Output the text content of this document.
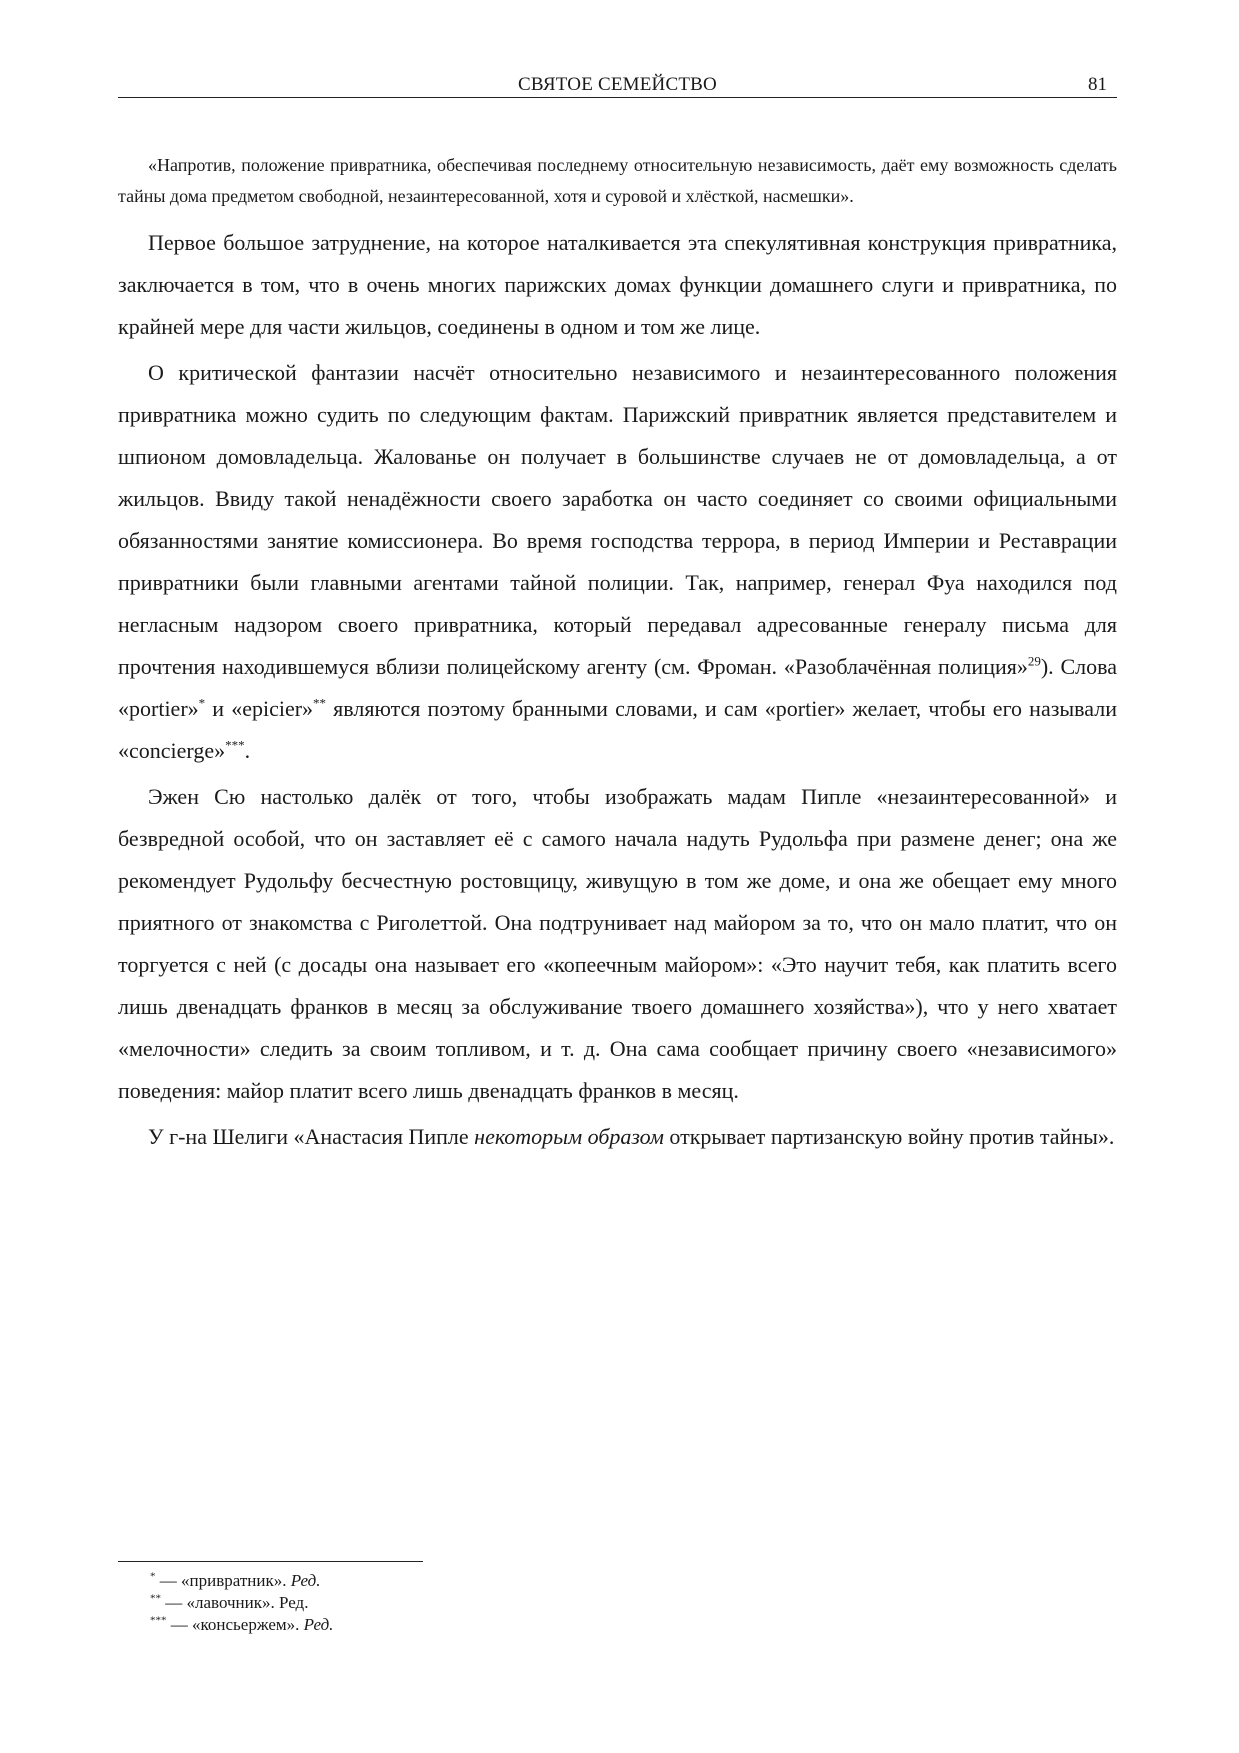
СВЯТОЕ СЕМЕЙСТВО	81

«Напротив, положение привратника, обеспечивая последнему относительную независимость, даёт ему возможность сделать тайны дома предметом свободной, незаинтересованной, хотя и суровой и хлёсткой, насмешки».

Первое большое затруднение, на которое наталкивается эта спекулятивная конструкция привратника, заключается в том, что в очень многих парижских домах функции домашнего слуги и привратника, по крайней мере для части жильцов, соединены в одном и том же лице.

О критической фантазии насчёт относительно независимого и незаинтересованного положения привратника можно судить по следующим фактам. Парижский привратник является представителем и шпионом домовладельца. Жалованье он получает в большинстве случаев не от домовладельца, а от жильцов. Ввиду такой ненадёжности своего заработка он часто соединяет со своими официальными обязанностями занятие комиссионера. Во время господства террора, в период Империи и Реставрации привратники были главными агентами тайной полиции. Так, например, генерал Фуа находился под негласным надзором своего привратника, который передавал адресованные генералу письма для прочтения находившемуся вблизи полицейскому агенту (см. Фроман. «Разоблачённая полиция»$^{29}$). Слова «portier»* и «epicier»** являются поэтому бранными словами, и сам «portier» желает, чтобы его называли «concierge»***.

Эжен Сю настолько далёк от того, чтобы изображать мадам Пипле «незаинтересованной» и безвредной особой, что он заставляет её с самого начала надуть Рудольфа при размене денег; она же рекомендует Рудольфу бесчестную ростовщицу, живущую в том же доме, и она же обещает ему много приятного от знакомства с Риголеттой. Она подтрунивает над майором за то, что он мало платит, что он торгуется с ней (с досады она называет его «копеечным майором»: «Это научит тебя, как платить всего лишь двенадцать франков в месяц за обслуживание твоего домашнего хозяйства»), что у него хватает «мелочности» следить за своим топливом, и т. д. Она сама сообщает причину своего «независимого» поведения: майор платит всего лишь двенадцать франков в месяц.

У г-на Шелиги «Анастасия Пипле некоторым образом открывает партизанскую войну против тайны».

* — «привратник». Ред.

** — «лавочник». Ред.

*** — «консьержем». Ред.
